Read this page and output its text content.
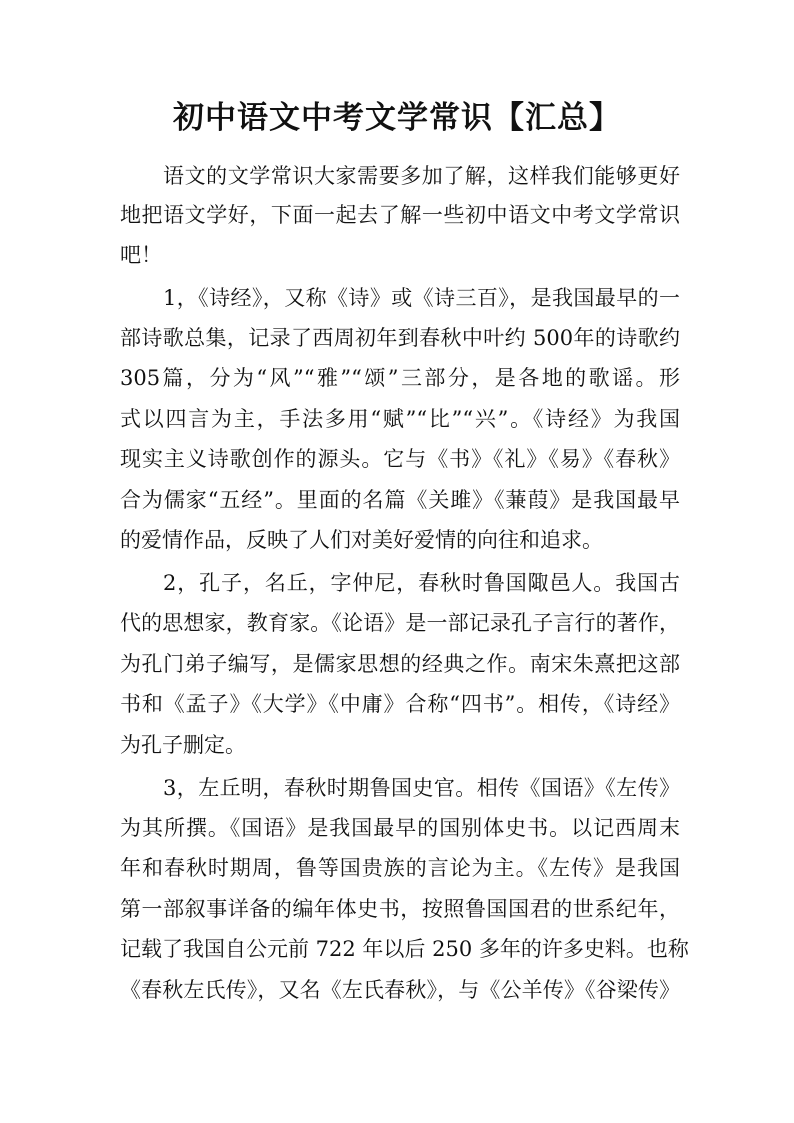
初中语文中考文学常识【汇总】
语文的文学常识大家需要多加了解，这样我们能够更好
地把语文学好，下面一起去了解一些初中语文中考文学常识
吧！
1，《诗经》，又称《诗》或《诗三百》，是我国最早的一
部诗歌总集，记录了西周初年到春秋中叶约 500年的诗歌约
305篇，分为“风”“雅”“颂”三部分，是各地的歌谣。形
式以四言为主，手法多用“赋”“比”“兴”。《诗经》为我国
现实主义诗歌创作的源头。它与《书》《礼》《易》《春秋》
合为儒家“五经”。里面的名篇《关雎》《蒹葭》是我国最早
的爱情作品，反映了人们对美好爱情的向往和追求。
2，孔子，名丘，字仲尼，春秋时鲁国陬邑人。我国古
代的思想家，教育家。《论语》是一部记录孔子言行的著作，
为孔门弟子编写，是儒家思想的经典之作。南宋朱熹把这部
书和《孟子》《大学》《中庸》合称“四书”。相传，《诗经》
为孔子删定。
3，左丘明，春秋时期鲁国史官。相传《国语》《左传》
为其所撰。《国语》是我国最早的国别体史书。以记西周末
年和春秋时期周，鲁等国贵族的言论为主。《左传》是我国
第一部叙事详备的编年体史书，按照鲁国国君的世系纪年，
记载了我国自公元前 722 年以后 250 多年的许多史料。也称
《春秋左氏传》，又名《左氏春秋》，与《公羊传》《谷梁传》
